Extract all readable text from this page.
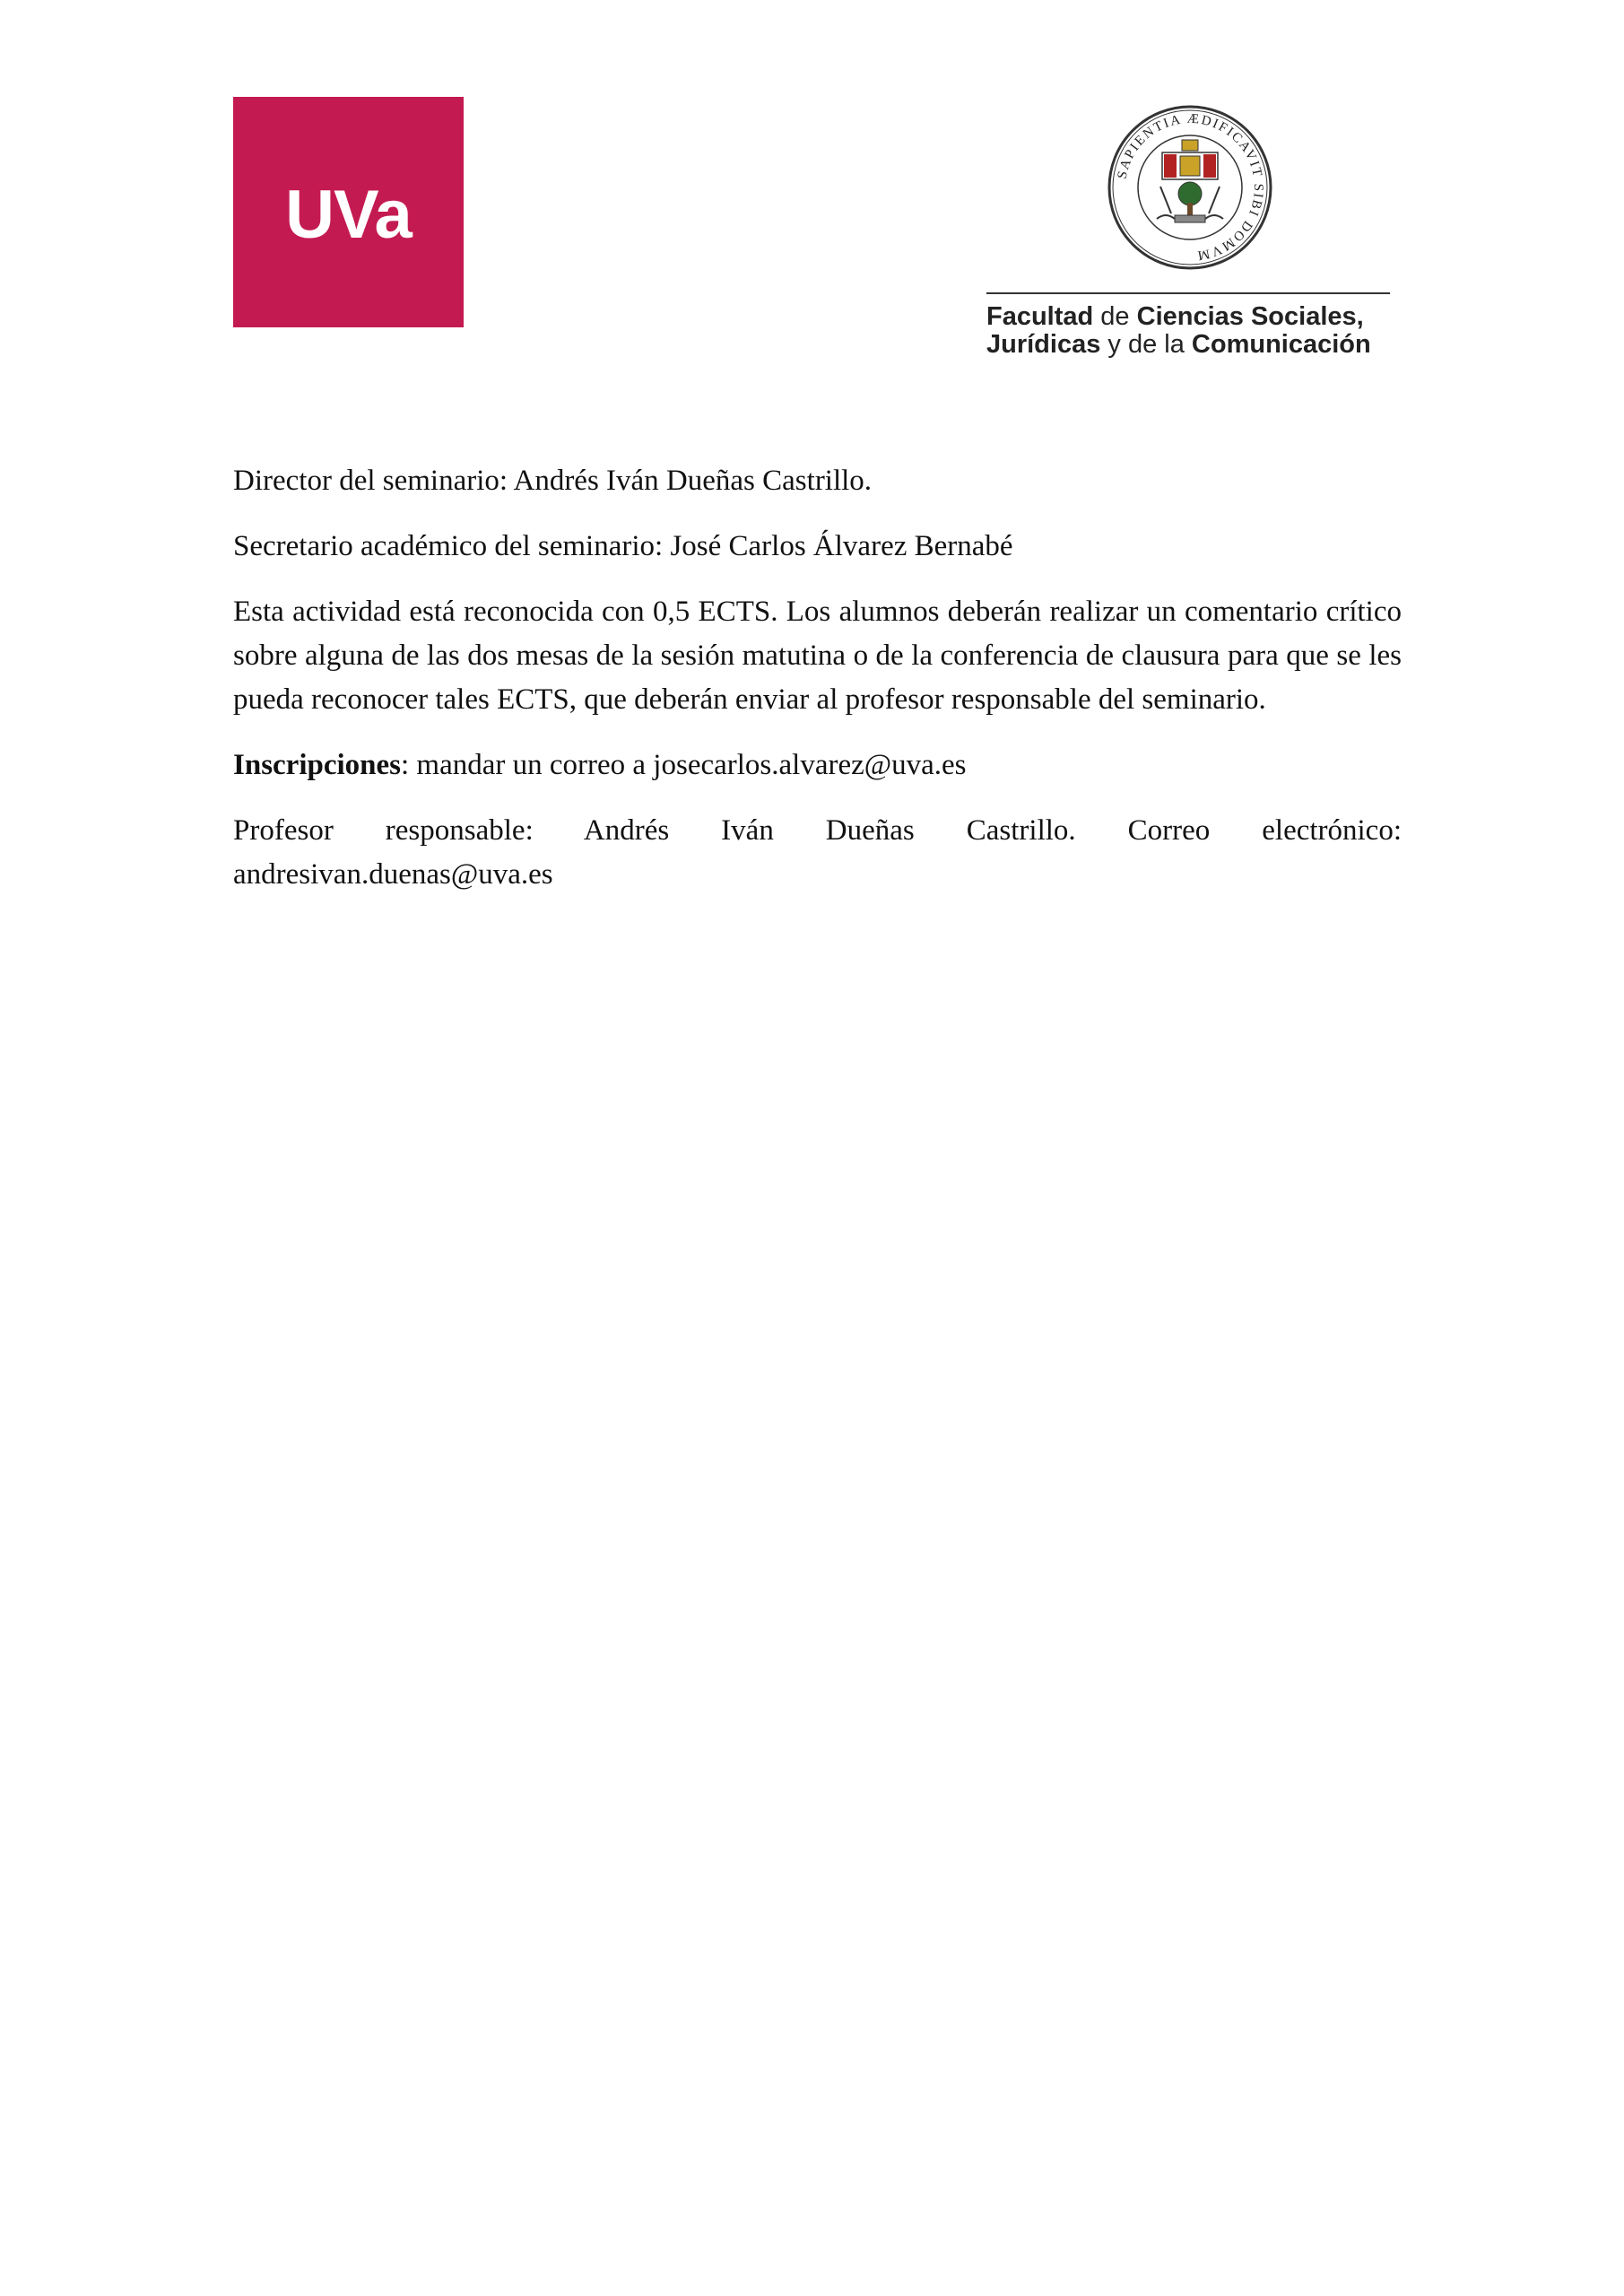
UVa
SAPIENTIA ÆDIFICAVIT SIBI DOMVM
Facultad de Ciencias Sociales,
Jurídicas y de la Comunicación

Director del seminario: Andrés Iván Dueñas Castrillo.

Secretario académico del seminario: José Carlos Álvarez Bernabé

Esta actividad está reconocida con 0,5 ECTS. Los alumnos deberán realizar un comentario crítico sobre alguna de las dos mesas de la sesión matutina o de la conferencia de clausura para que se les pueda reconocer tales ECTS, que deberán enviar al profesor responsable del seminario.

Inscripciones: mandar un correo a josecarlos.alvarez@uva.es

Profesor responsable: Andrés Iván Dueñas Castrillo. Correo electrónico:
andresivan.duenas@uva.es
